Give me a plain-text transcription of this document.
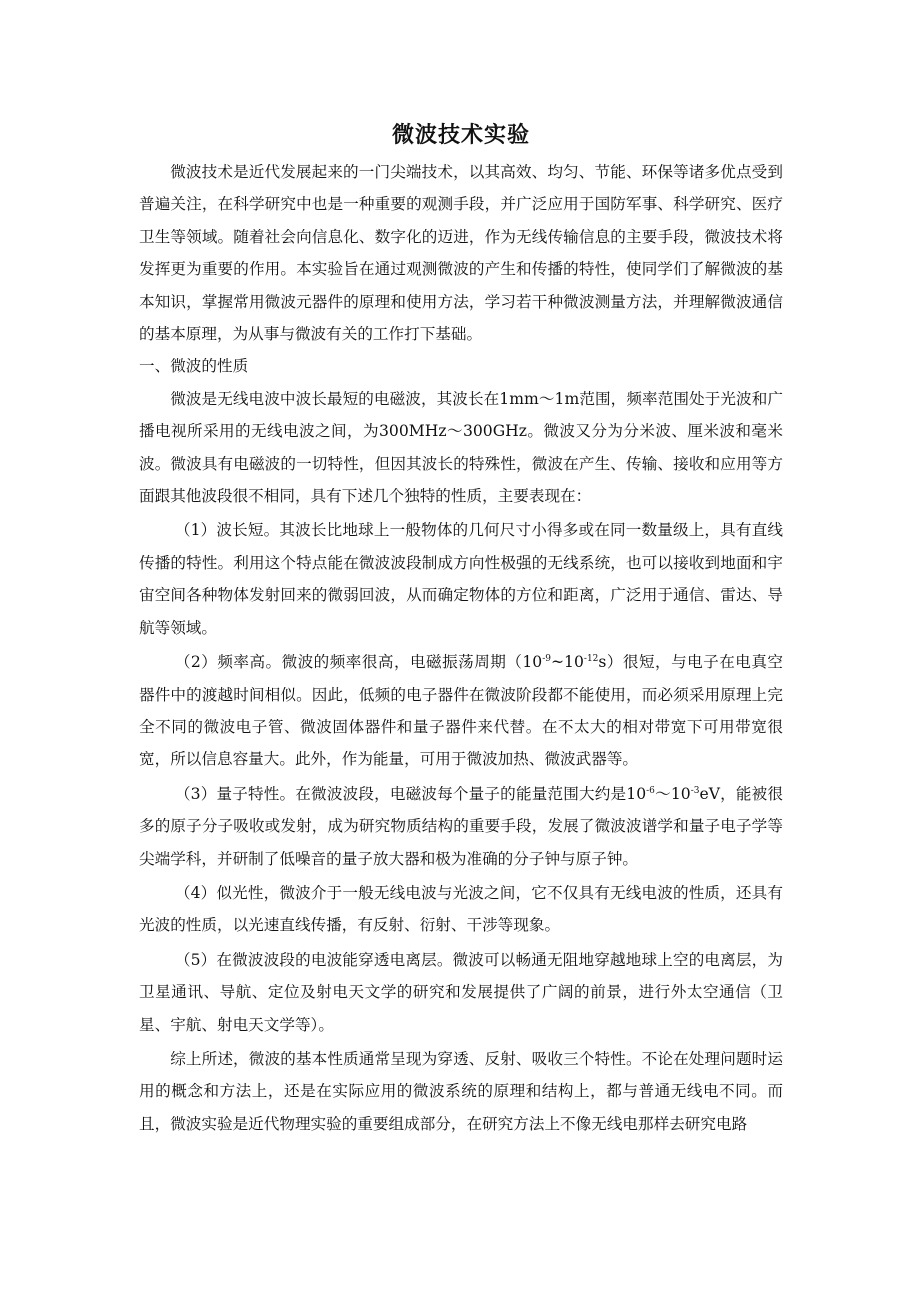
微波技术实验

微波技术是近代发展起来的一门尖端技术，以其高效、均匀、节能、环保等诸多优点受到普遍关注，在科学研究中也是一种重要的观测手段，并广泛应用于国防军事、科学研究、医疗卫生等领域。随着社会向信息化、数字化的迈进，作为无线传输信息的主要手段，微波技术将发挥更为重要的作用。本实验旨在通过观测微波的产生和传播的特性，使同学们了解微波的基本知识，掌握常用微波元器件的原理和使用方法，学习若干种微波测量方法，并理解微波通信的基本原理，为从事与微波有关的工作打下基础。

一、微波的性质

微波是无线电波中波长最短的电磁波，其波长在1mm～1m范围，频率范围处于光波和广播电视所采用的无线电波之间，为300MHz～300GHz。微波又分为分米波、厘米波和毫米波。微波具有电磁波的一切特性，但因其波长的特殊性，微波在产生、传输、接收和应用等方面跟其他波段很不相同，具有下述几个独特的性质，主要表现在：

（1）波长短。其波长比地球上一般物体的几何尺寸小得多或在同一数量级上，具有直线传播的特性。利用这个特点能在微波波段制成方向性极强的无线系统，也可以接收到地面和宇宙空间各种物体发射回来的微弱回波，从而确定物体的方位和距离，广泛用于通信、雷达、导航等领域。

（2）频率高。微波的频率很高，电磁振荡周期$(10^{-9}\sim 10^{-12}s)$很短，与电子在电真空器件中的渡越时间相似。因此，低频的电子器件在微波阶段都不能使用，而必须采用原理上完全不同的微波电子管、微波固体器件和量子器件来代替。在不太大的相对带宽下可用带宽很宽，所以信息容量大。此外，作为能量，可用于微波加热、微波武器等。

（3）量子特性。在微波波段，电磁波每个量子的能量范围大约是$10^{-6}\sim 10^{-3}eV$，能被很多的原子分子吸收或发射，成为研究物质结构的重要手段，发展了微波波谱学和量子电子学等尖端学科，并研制了低噪音的量子放大器和极为准确的分子钟与原子钟。

（4）似光性，微波介于一般无线电波与光波之间，它不仅具有无线电波的性质，还具有光波的性质，以光速直线传播，有反射、衍射、干涉等现象。

（5）在微波波段的电波能穿透电离层。微波可以畅通无阻地穿越地球上空的电离层，为卫星通讯、导航、定位及射电天文学的研究和发展提供了广阔的前景，进行外太空通信（卫星、宇航、射电天文学等）。

综上所述，微波的基本性质通常呈现为穿透、反射、吸收三个特性。不论在处理问题时运用的概念和方法上，还是在实际应用的微波系统的原理和结构上，都与普通无线电不同。而且，微波实验是近代物理实验的重要组成部分，在研究方法上不像无线电那样去研究电路
